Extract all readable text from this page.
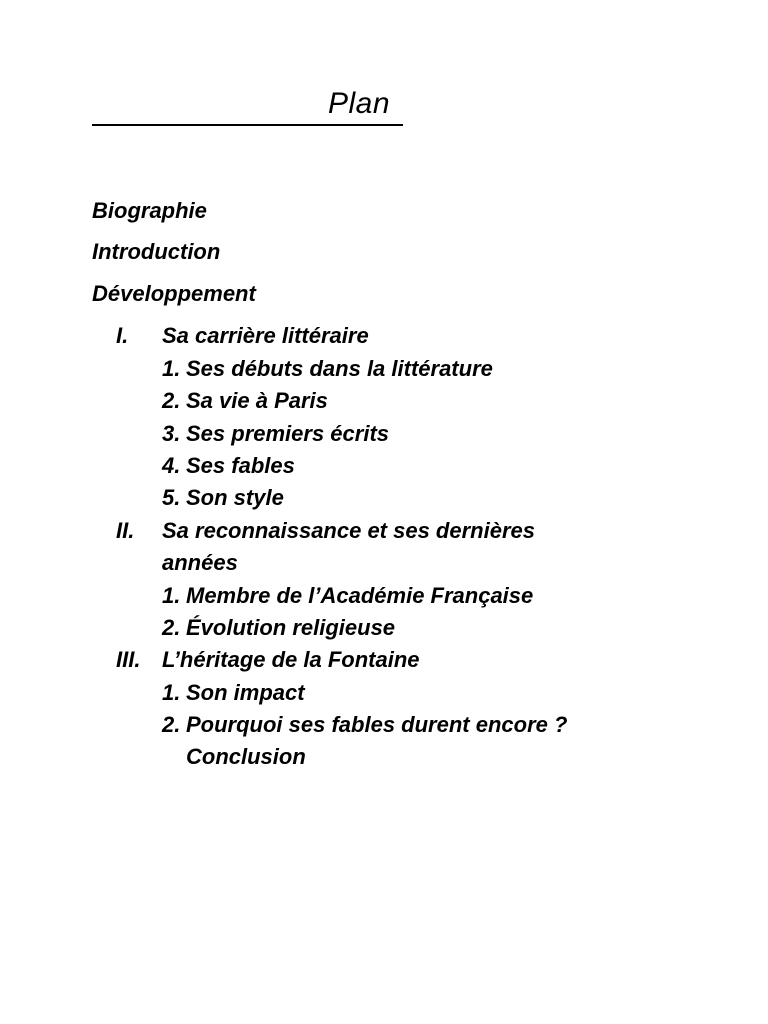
Plan
Biographie
Introduction
Développement
I. Sa carrière littéraire
1. Ses débuts dans la littérature
2. Sa vie à Paris
3. Ses premiers écrits
4. Ses fables
5. Son style
II. Sa reconnaissance et ses dernières
années
1. Membre de l’Académie Française
2. Évolution religieuse
III. L’héritage de la Fontaine
1. Son impact
2. Pourquoi ses fables durent encore ?
Conclusion
